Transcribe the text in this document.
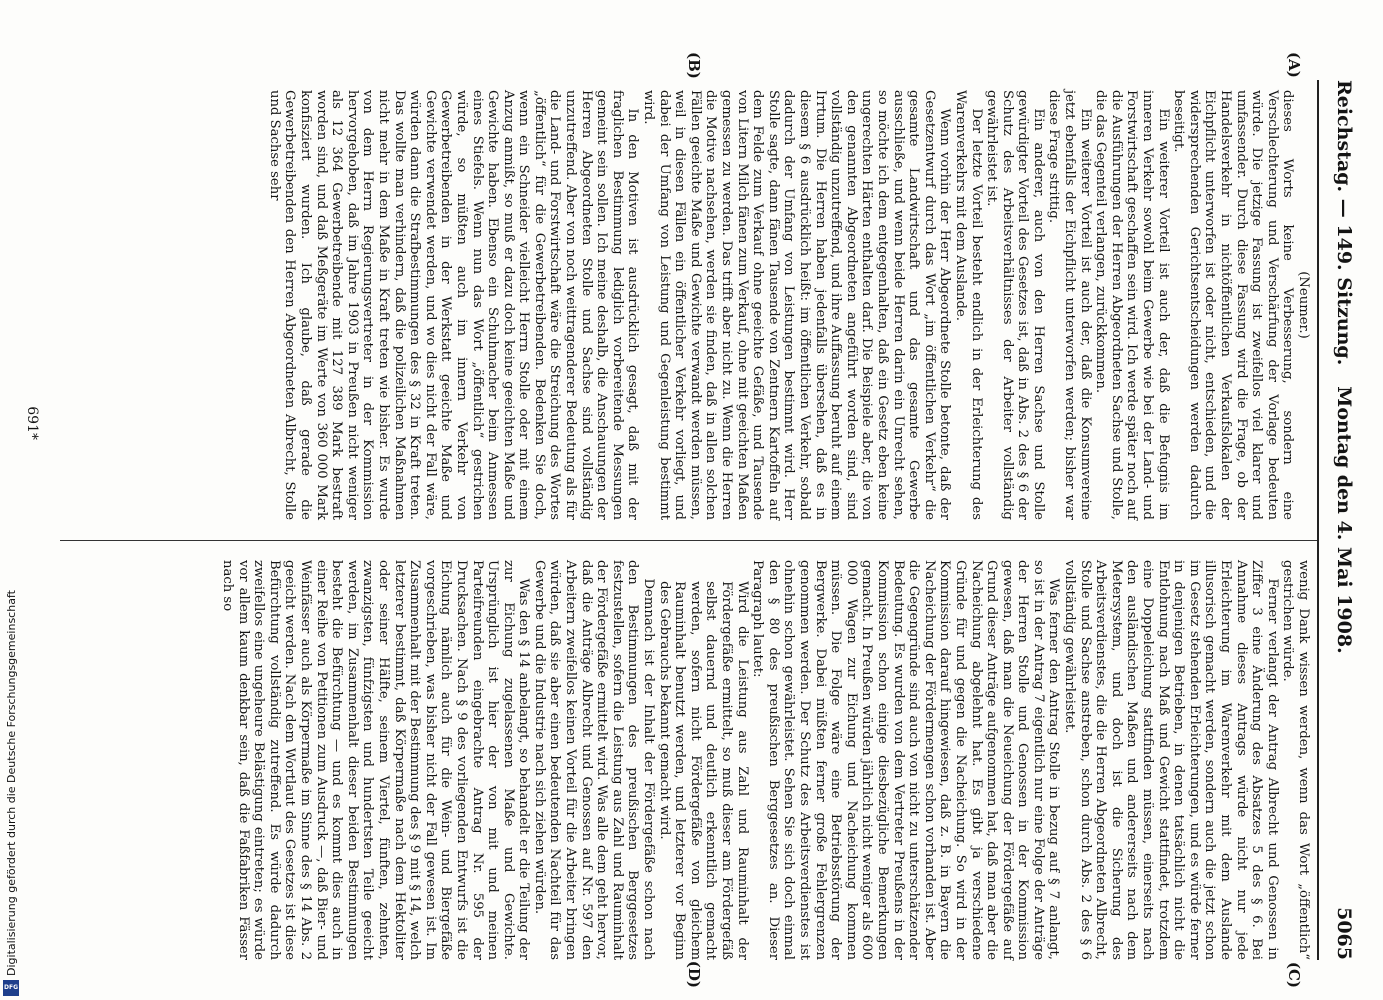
Reichstag. — 149. Sitzung.
Montag den 4. Mai 1908.
5065
(A)
(B)
(C)
(D)

(Neumer.)

dieses Worts keine Verbesserung, sondern eine Verschlechterung und Verschärfung der Vorlage bedeuten würde. Die jetzige Fassung ist zweifellos viel klarer und umfassender. Durch diese Fassung wird die Frage, ob der Handelsverkehr in nichtöffentlichen Verkaufslokalen der Eichpflicht unterworfen ist oder nicht, entschieden, und die widersprechenden Gerichtsentscheidungen werden dadurch beseitigt.

Ein weiterer Vorteil ist auch der, daß die Befugnis im inneren Verkehr sowohl beim Gewerbe wie bei der Land- und Forstwirtschaft geschaffen sein wird. Ich werde später noch auf die Ausführungen der Herren Abgeordneten Sachse und Stolle, die das Gegenteil verlangen, zurückkommen.

Ein weiterer Vorteil ist auch der, daß die Konsumvereine jetzt ebenfalls der Eichpflicht unterworfen werden; bisher war diese Frage strittig.

Ein anderer, auch von den Herren Sachse und Stolle gewürdigter Vorteil des Gesetzes ist, daß in Abs. 2 des § 6 der Schutz des Arbeitsverhältnisses der Arbeiter vollständig gewährleistet ist.

Der letzte Vorteil besteht endlich in der Erleichterung des Warenverkehrs mit dem Auslande.

Wenn vorhin der Herr Abgeordnete Stolle betonte, daß der Gesetzentwurf durch das Wort „im öffentlichen Verkehr“ die gesamte Landwirtschaft und das gesamte Gewerbe ausschließe, und wenn beide Herren darin ein Unrecht sehen, so möchte ich dem entgegenhalten, daß ein Gesetz eben keine ungerechten Härten enthalten darf. Die Beispiele aber, die von den genannten Abgeordneten angeführt worden sind, sind vollständig unzutreffend, und ihre Auffassung beruht auf einem Irrtum. Die Herren haben jedenfalls übersehen, daß es in diesem § 6 ausdrücklich heißt: im öffentlichen Verkehr, sobald dadurch der Umfang von Leistungen bestimmt wird. Herr Stolle sagte, dann fänen Tausende von Zentnern Kartoffeln auf dem Felde zum Verkauf ohne geeichte Gefäße, und Tausende von Litern Milch fänen zum Verkauf, ohne mit geeichten Maßen gemessen zu werden. Das trifft aber nicht zu. Wenn die Herren die Motive nachsehen, werden sie finden, daß in allen solchen Fällen geeichte Maße und Gewichte verwandt werden müssen, weil in diesen Fällen ein öffentlicher Verkehr vorliegt, und dabei der Umfang von Leistung und Gegenleistung bestimmt wird.

In den Motiven ist ausdrücklich gesagt, daß mit der fraglichen Bestimmung lediglich vorbereitende Messungen gemeint sein sollen. Ich meine deshalb, die Anschauungen der Herren Abgeordneten Stolle und Sachse sind vollständig unzutreffend. Aber von noch weittragenderer Bedeutung als für die Land- und Forstwirtschaft wäre die Streichung des Wortes „öffentlich“ für die Gewerbetreibenden. Bedenken Sie doch, wenn ein Schneider vielleicht Herrn Stolle oder mit einem Anzug anmißt, so muß er dazu doch keine geeichten Maße und Gewichte haben. Ebenso ein Schuhmacher beim Anmessen eines Stiefels. Wenn nun das Wort „öffentlich“ gestrichen würde, so müßten auch im innern Verkehr von Gewerbetreibenden in der Werkstatt geeichte Maße und Gewichte verwendet werden, und wo dies nicht der Fall wäre, würden dann die Strafbestimmungen des § 32 in Kraft treten. Das wollte man verhindern, daß die polizeilichen Maßnahmen nicht mehr in dem Maße in Kraft treten wie bisher. Es wurde von dem Herrn Regierungsvertreter in der Kommission hervorgehoben, daß im Jahre 1903 in Preußen nicht weniger als 12 364 Gewerbetreibende mit 127 389 Mark bestraft worden sind, und daß Meßgeräte im Werte von 360 000 Mark konfisziert wurden. Ich glaube, daß gerade die Gewerbetreibenden den Herren Abgeordneten Albrecht, Stolle und Sachse sehr

wenig Dank wissen werden, wenn das Wort „öffentlich“ gestrichen würde.

Ferner verlangt der Antrag Albrecht und Genossen in Ziffer 3 eine Änderung des Absatzes 5 des § 6. Bei Annahme dieses Antrags würde nicht nur jede Erleichterung im Warenverkehr mit dem Auslande illusorisch gemacht werden, sondern auch die jetzt schon im Gesetz stehenden Erleichterungen, und es würde ferner in denjenigen Betrieben, in denen tatsächlich nicht die Entlohnung nach Maß und Gewicht stattfindet, trotzdem eine Doppeleichung stattfinden müssen, einerseits nach den ausländischen Maßen und andererseits nach dem Metersystem, und doch ist die Sicherung des Arbeitsverdienstes, die die Herren Abgeordneten Albrecht, Stolle und Sachse anstreben, schon durch Abs. 2 des § 6 vollständig gewährleistet.

Was ferner den Antrag Stolle in bezug auf § 7 anlangt, so ist in der Antrag 7 eigentlich nur eine Folge der Anträge der Herren Stolle und Genossen in der Kommission gewesen, daß man die Neueichung der Fördergefäße auf Grund dieser Anträge aufgenommen hat, daß man aber die Nacheichung abgelehnt hat. Es gibt ja verschiedene Gründe für und gegen die Nacheichung. So wird in der Kommission darauf hingewiesen, daß z. B. in Bayern die Nacheichung der Fördermengen schon vorhanden ist. Aber die Gegengründe sind auch von nicht zu unterschätzender Bedeutung. Es wurden von dem Vertreter Preußens in der Kommission schon einige diesbezügliche Bemerkungen gemacht. In Preußen würden jährlich nicht weniger als 600 000 Wagen zur Eichung und Nacheichung kommen müssen. Die Folge wäre eine Betriebsstörung der Bergwerke. Dabei müßten ferner große Fehlergrenzen genommen werden. Der Schutz des Arbeitsverdienstes ist ohnehin schon gewährleistet. Sehen Sie sich doch einmal den § 80 des preußischen Berggesetzes an. Dieser Paragraph lautet:

Wird die Leistung aus Zahl und Rauminhalt der Fördergefäße ermittelt, so muß dieser am Fördergefäß selbst dauernd und deutlich erkenntlich gemacht werden, sofern nicht Fördergefäße von gleichem Rauminhalt benutzt werden, und letzterer vor Beginn des Gebrauchs bekannt gemacht wird.

Demnach ist der Inhalt der Fördergefäße schon nach den Bestimmungen des preußischen Berggesetzes festzustellen, sofern die Leistung aus Zahl und Rauminhalt der Fördergefäße ermittelt wird. Was alle dem geht hervor, daß die Anträge Albrecht und Genossen auf Nr. 597 den Arbeitern zweifellos keinen Vorteil für die Arbeiter bringen würden, daß sie aber einen bedeutenden Nachteil für das Gewerbe und die Industrie nach sich ziehen würden.

Was den § 14 anbelangt, so behandelt er die Teilung der zur Eichung zugelassenen Maße und Gewichte. Ursprünglich ist hier der von mit und meinen Parteifreunden eingebrachte Antrag Nr. 595 der Drucksachen. Nach § 9 des vorliegenden Entwurfs ist die Eichung nämlich auch für die Wein- und Biergefäße vorgeschrieben, was bisher nicht der Fall gewesen ist. Im Zusammenhalt mit der Bestimmung des § 9 mit § 14, welch letzterer bestimmt, daß Körpermaße nach dem Hektoliter oder seiner Hälfte, seinem Viertel, fünften, zehnten, zwanzigsten, fünfzigsten und hundertsten Teile geeicht werden, im Zusammenhalt dieser beiden Bestimmungen besteht die Befürchtung — und es kommt dies auch in einer Reihe von Petitionen zum Ausdruck —, daß Bier- und Weinfässer auch als Körpermaße im Sinne des § 14 Abs. 2 geeicht werden. Nach dem Wortlaut des Gesetzes ist diese Befürchtung vollständig zutreffend. Es würde dadurch zweifellos eine ungeheure Belästigung eintreten; es würde vor allem kaum denkbar sein, daß die Faßfabriken Fässer nach so

691*
Digitalisierung gefördert durch die Deutsche Forschungsgemeinschaft
DFG
